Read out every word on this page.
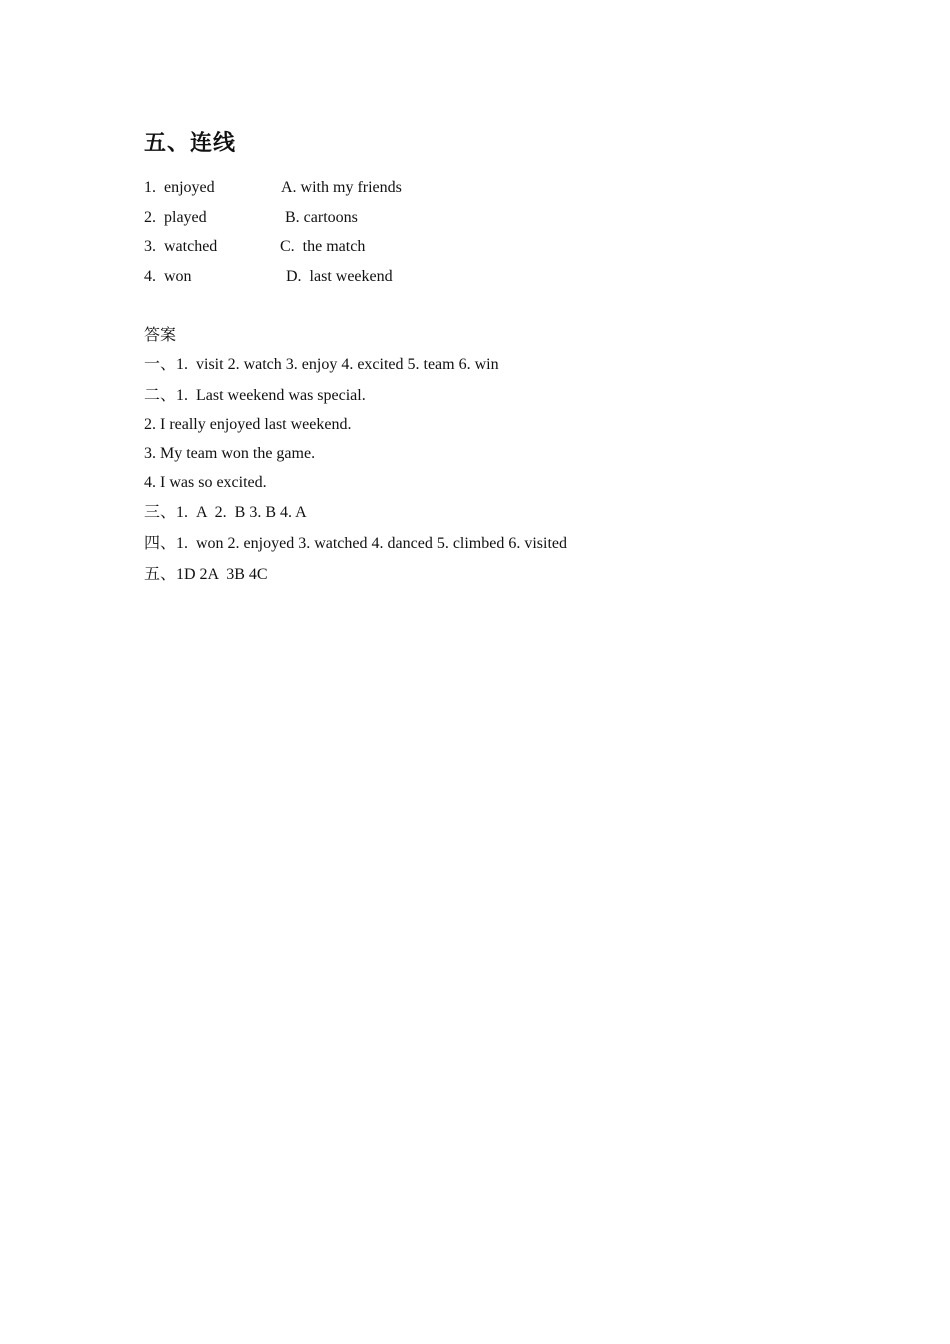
五、连线
1.  enjoyed	A. with my friends
2.  played	B. cartoons
3.  watched	C.  the match
4.  won	D.  last weekend
答案
一、1.  visit 2. watch 3. enjoy 4. excited 5. team 6. win
二、1.  Last weekend was special.
2. I really enjoyed last weekend.
3. My team won the game.
4. I was so excited.
三、1.  A  2.  B 3. B 4. A
四、1.  won 2. enjoyed 3. watched 4. danced 5. climbed 6. visited
五、1D 2A  3B 4C
